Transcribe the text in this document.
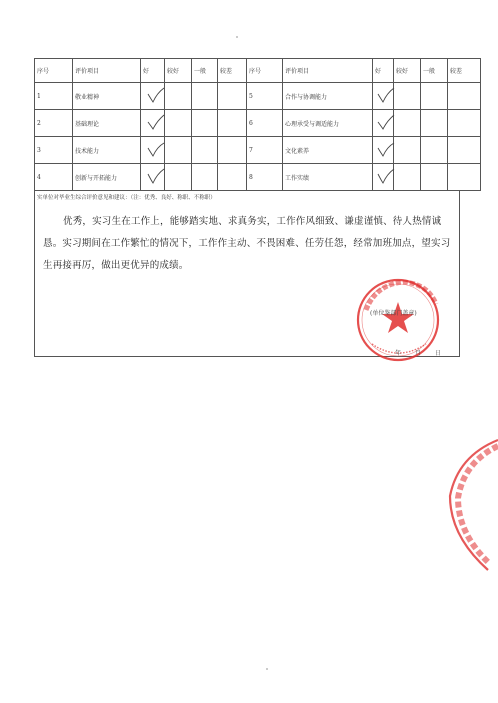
序号	评价项目	好	较好	一般	较差	序号	评价项目	好	较好	一般	较差
1	敬业精神					5	合作与协调能力	

2	基础理论					6	心理承受与调适能力	

3	技术能力					7	文化素养	

4	创新与开拓能力					8	工作实绩	

实单位对毕业生综合评价意见和建议：（注：优秀、良好、称职、不称职）
优秀，实习生在工作上，能够踏实地、求真务实，工作作风细致、谦虚谨慎、待人热情诚恳。实习期间在工作繁忙的情况下，工作作主动、不畏困难、任劳任怨，经常加班加点，望实习生再接再厉，做出更优异的成绩。
(单位鉴部门盖章)
年 月 日
